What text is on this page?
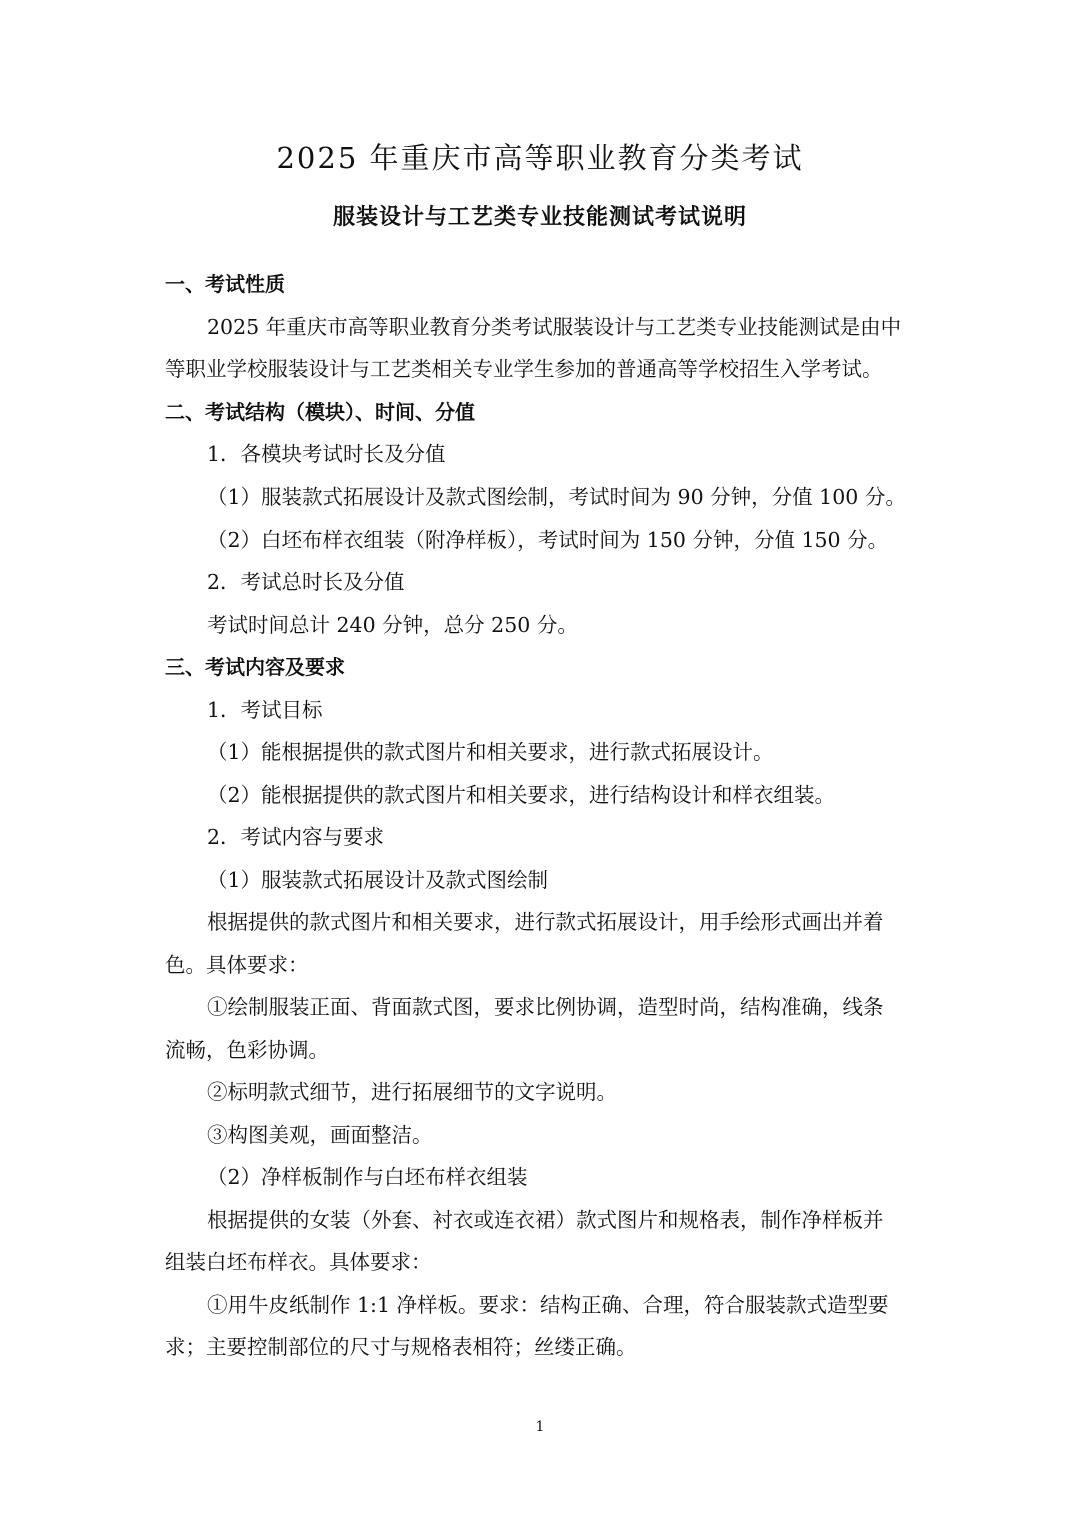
2025 年重庆市高等职业教育分类考试
服装设计与工艺类专业技能测试考试说明
一、考试性质
2025 年重庆市高等职业教育分类考试服装设计与工艺类专业技能测试是由中
等职业学校服装设计与工艺类相关专业学生参加的普通高等学校招生入学考试。
二、考试结构（模块）、时间、分值
1．各模块考试时长及分值
（1）服装款式拓展设计及款式图绘制，考试时间为 90 分钟，分值 100 分。
（2）白坯布样衣组装（附净样板），考试时间为 150 分钟，分值 150 分。
2．考试总时长及分值
考试时间总计 240 分钟，总分 250 分。
三、考试内容及要求
1．考试目标
（1）能根据提供的款式图片和相关要求，进行款式拓展设计。
（2）能根据提供的款式图片和相关要求，进行结构设计和样衣组装。
2．考试内容与要求
（1）服装款式拓展设计及款式图绘制
根据提供的款式图片和相关要求，进行款式拓展设计，用手绘形式画出并着
色。具体要求：
①绘制服装正面、背面款式图，要求比例协调，造型时尚，结构准确，线条
流畅，色彩协调。
②标明款式细节，进行拓展细节的文字说明。
③构图美观，画面整洁。
（2）净样板制作与白坯布样衣组装
根据提供的女装（外套、衬衣或连衣裙）款式图片和规格表，制作净样板并
组装白坯布样衣。具体要求：
①用牛皮纸制作 1:1 净样板。要求：结构正确、合理，符合服装款式造型要
求；主要控制部位的尺寸与规格表相符；丝缕正确。
1
